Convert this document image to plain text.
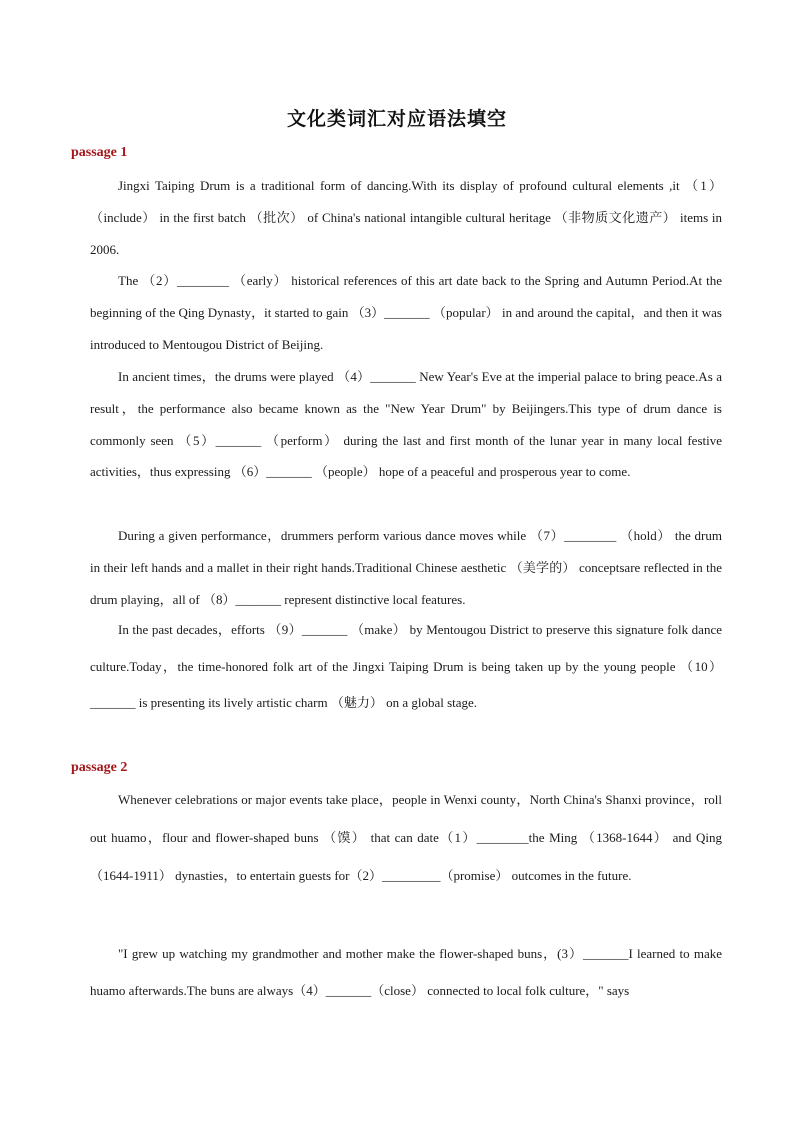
文化类词汇对应语法填空
passage 1

Jingxi Taiping Drum is a traditional form of dancing.With its display of profound cultural elements ,it （1）（include） in the first batch （批次） of China's national intangible cultural heritage （非物质文化遗产） items in 2006.

The （2）________ （early） historical references of this art date back to the Spring and Autumn Period.At the beginning of the Qing Dynasty，it started to gain （3）_______ （popular） in and around the capital，and then it was introduced to Mentougou District of Beijing.

In ancient times，the drums were played （4）_______ New Year's Eve at the imperial palace to bring peace.As a result，the performance also became known as the "New Year Drum" by Beijingers.This type of drum dance is commonly seen （5）_______ （perform） during the last and first month of the lunar year in many local festive activities，thus expressing （6）_______ （people） hope of a peaceful and prosperous year to come.

During a given performance，drummers perform various dance moves while （7）________ （hold） the drum in their left hands and a mallet in their right hands.Traditional Chinese aesthetic （美学的） conceptsare reflected in the drum playing，all of （8）_______ represent distinctive local features.

In the past decades，efforts （9）_______ （make） by Mentougou District to preserve this signature folk dance culture.Today，the time-honored folk art of the Jingxi Taiping Drum is being taken up by the young people （10）_______ is presenting its lively artistic charm （魅力） on a global stage.

passage 2

Whenever celebrations or major events take place，people in Wenxi county，North China's Shanxi province，roll out huamo，flour and flower-shaped buns （馍） that can date（1）________the Ming （1368-1644） and Qing （1644-1911） dynasties，to entertain guests for（2）_________（promise） outcomes in the future.

"I grew up watching my grandmother and mother make the flower-shaped buns，(3）_______I learned to make huamo afterwards.The buns are always（4）_______（close） connected to local folk culture，" says
